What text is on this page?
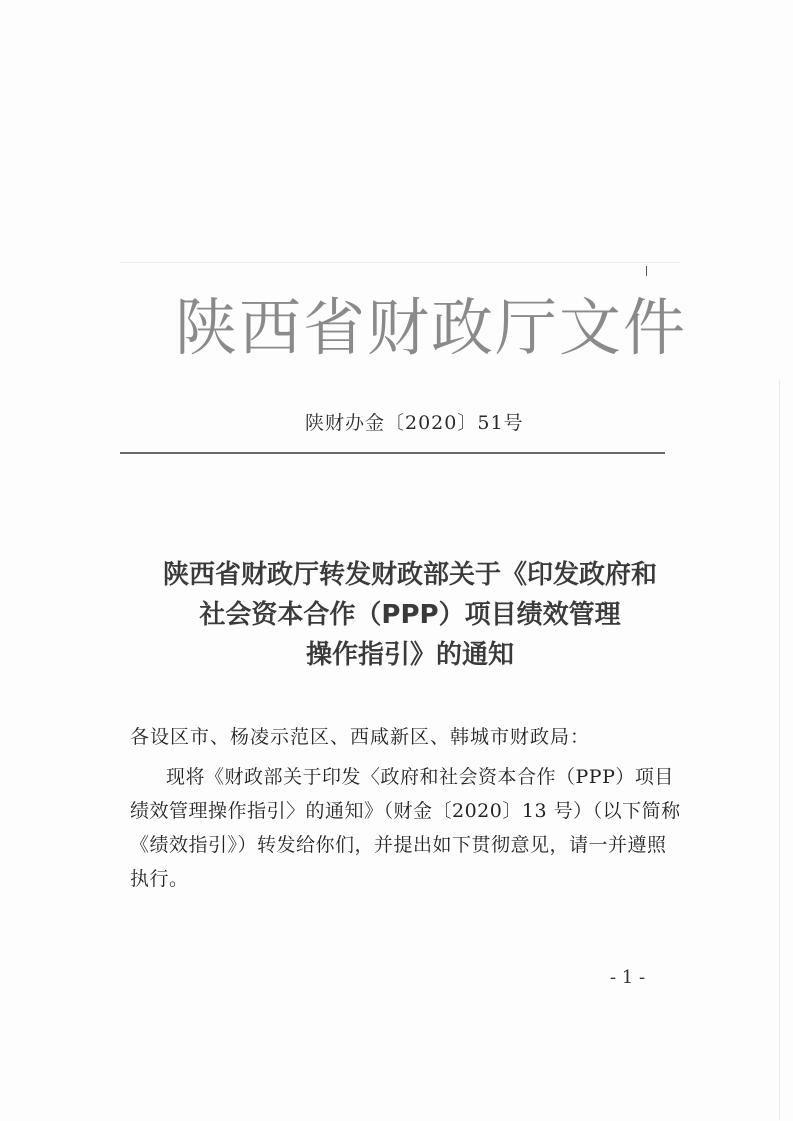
陕西省财政厅文件
陕财办金〔2020〕51号
陕西省财政厅转发财政部关于《印发政府和
社会资本合作（PPP）项目绩效管理
操作指引》的通知
各设区市、杨凌示范区、西咸新区、韩城市财政局：
现将《财政部关于印发〈政府和社会资本合作（PPP）项目
绩效管理操作指引〉的通知》（财金〔2020〕13 号）（以下简称
《绩效指引》）转发给你们，并提出如下贯彻意见，请一并遵照
执行。
- 1 -
